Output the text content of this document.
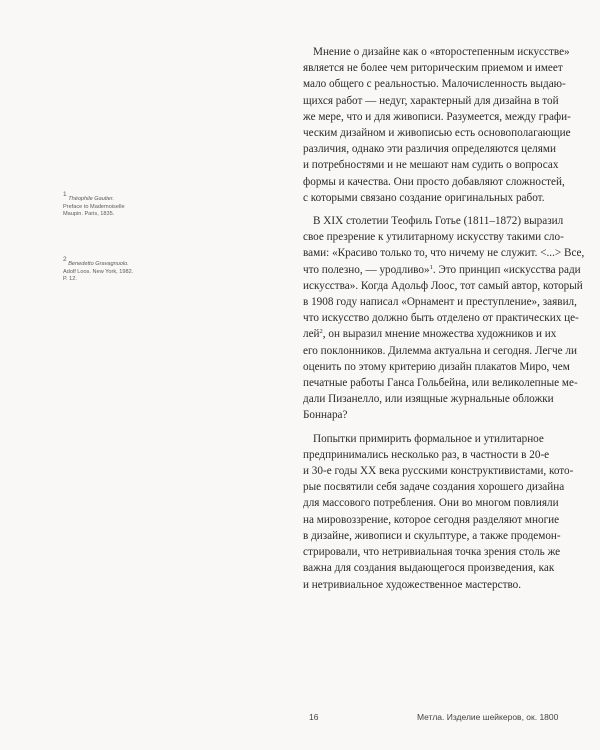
Мнение о дизайне как о «второстепенным искусстве»
является не более чем риторическим приемом и имеет
мало общего с реальностью. Малочисленность выдаю-
щихся работ — недуг, характерный для дизайна в той
же мере, что и для живописи. Разумеется, между графи-
ческим дизайном и живописью есть основополагающие
различия, однако эти различия определяются целями
и потребностями и не мешают нам судить о вопросах
формы и качества. Они просто добавляют сложностей,
с которыми связано создание оригинальных работ.
В XIX столетии Теофиль Готье (1811–1872) выразил
свое презрение к утилитарному искусству такими сло-
вами: «Красиво только то, что ничему не служит. <...> Все,
что полезно, — уродливо»$^1$. Это принцип «искусства ради
искусства». Когда Адольф Лоос, тот самый автор, который
в 1908 году написал «Орнамент и преступление», заявил,
что искусство должно быть отделено от практических це-
лей$^2$, он выразил мнение множества художников и их
его поклонников. Дилемма актуальна и сегодня. Легче ли
оценить по этому критерию дизайн плакатов Миро, чем
печатные работы Ганса Гольбейна, или великолепные ме-
дали Пизанелло, или изящные журнальные обложки
Боннара?
Попытки примирить формальное и утилитарное
предпринимались несколько раз, в частности в 20-е
и 30-е годы XX века русскими конструктивистами, кото-
рые посвятили себя задаче создания хорошего дизайна
для массового потребления. Они во многом повлияли
на мировоззрение, которое сегодня разделяют многие
в дизайне, живописи и скульптуре, а также продемон-
стрировали, что нетривиальная точка зрения столь же
важна для создания выдающегося произведения, как
и нетривиальное художественное мастерство.
$^1$ Théophile Gautier.
Preface to Mademoiselle
Maupin. Paris, 1835.
$^2$ Benedetto Gravagnuolo.
Adolf Loos. New York, 1982.
P. 12.
16	Метла. Изделие шейкеров, ок. 1800
